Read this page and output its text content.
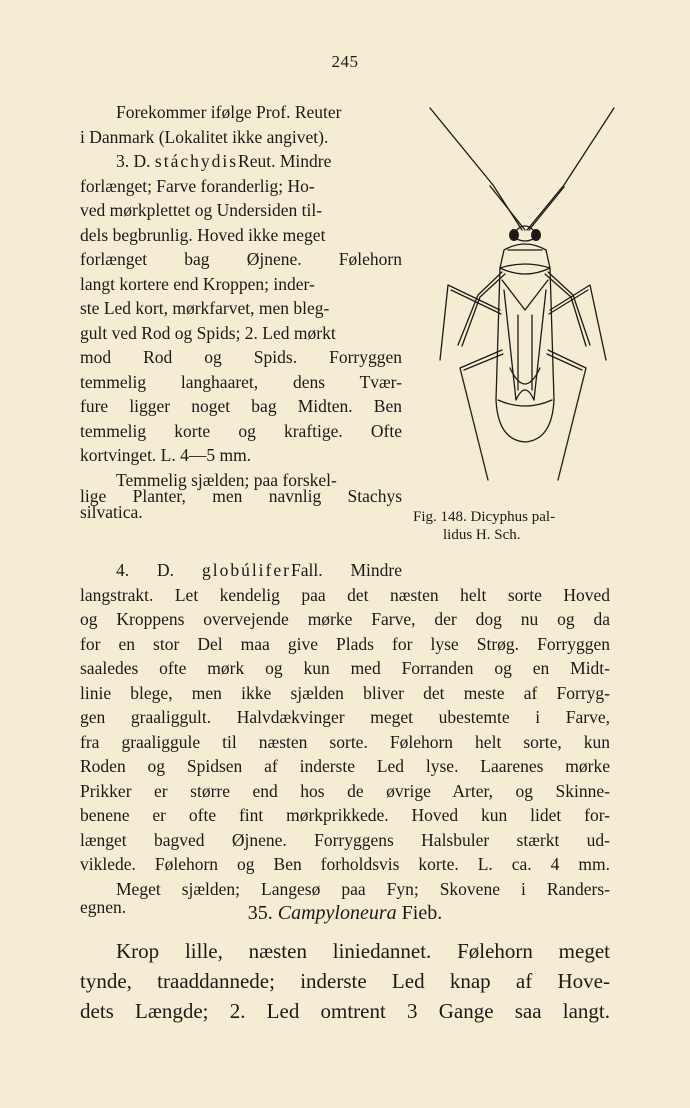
245

Forekommer ifølge Prof. Reuter

i Danmark (Lokalitet ikke angivet).

3. D. stáchydisReut. Mindre

forlænget; Farve foranderlig; Ho-

ved mørkplettet og Undersiden til-

dels begbrunlig. Hoved ikke meget

forlænget bag Øjnene. Følehorn

langt kortere end Kroppen; inder-

ste Led kort, mørkfarvet, men bleg-

gult ved Rod og Spids; 2. Led mørkt

mod Rod og Spids. Forryggen

temmelig langhaaret, dens Tvær-

fure ligger noget bag Midten. Ben

temmelig korte og kraftige. Ofte

kortvinget. L. 4—5 mm.

Temmelig sjælden; paa forskel-

lige Planter, men navnlig Stachys

silvatica.	Fig. 148. Dicyphus pal-
lidus H. Sch.

4. D. globúliferFall. Mindre

langstrakt. Let kendelig paa det næsten helt sorte Hoved

og Kroppens overvejende mørke Farve, der dog nu og da

for en stor Del maa give Plads for lyse Strøg. Forryggen

saaledes ofte mørk og kun med Forranden og en Midt-

linie blege, men ikke sjælden bliver det meste af Forryg-

gen graaliggult. Halvdækvinger meget ubestemte i Farve,

fra graaliggule til næsten sorte. Følehorn helt sorte, kun

Roden og Spidsen af inderste Led lyse. Laarenes mørke

Prikker er større end hos de øvrige Arter, og Skinne-

benene er ofte fint mørkprikkede. Hoved kun lidet for-

længet bagved Øjnene. Forryggens Halsbuler stærkt ud-

viklede. Følehorn og Ben forholdsvis korte. L. ca. 4 mm.

Meget sjælden; Langesø paa Fyn; Skovene i Randers-

egnen.	35. Campyloneura Fieb.

Krop lille, næsten liniedannet. Følehorn meget

tynde, traaddannede; inderste Led knap af Hove-

dets Længde; 2. Led omtrent 3 Gange saa langt.
